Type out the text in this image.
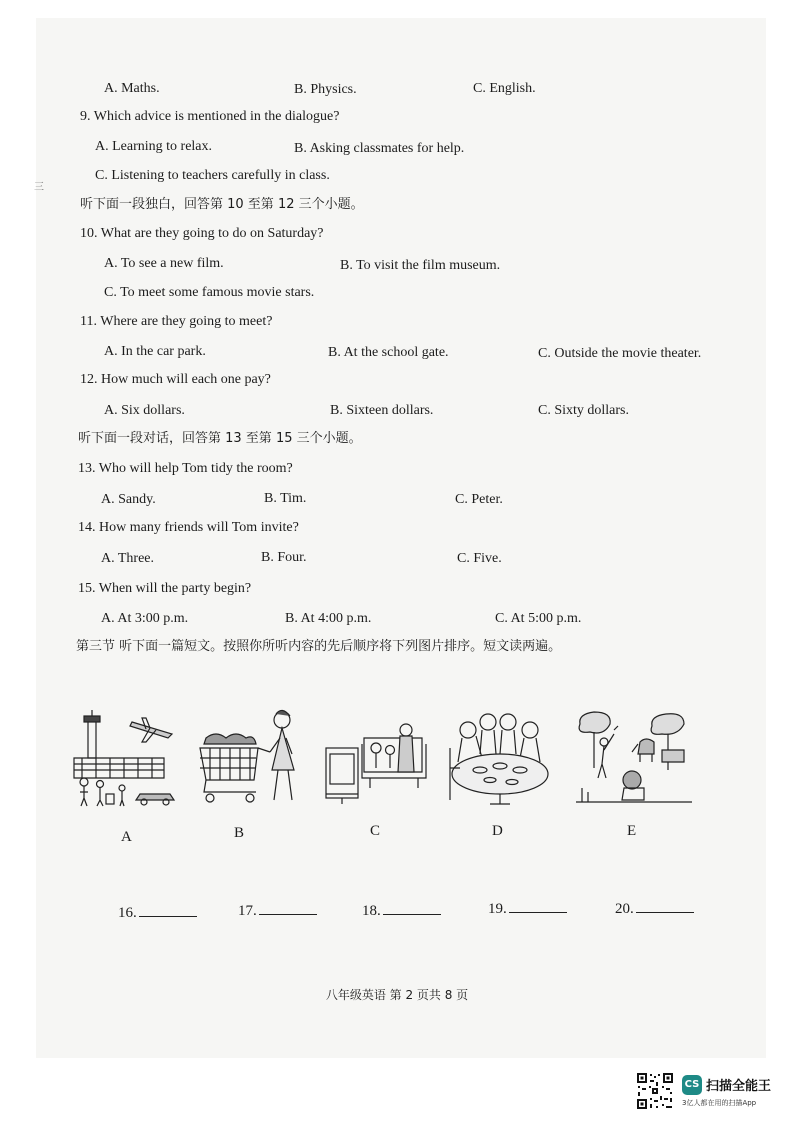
A. Maths.	B. Physics.	C. English.
9. Which advice is mentioned in the dialogue?
A. Learning to relax.	B. Asking classmates for help.
C. Listening to teachers carefully in class.
三
听下面一段独白，回答第 10 至第 12 三个小题。
10. What are they going to do on Saturday?
A. To see a new film.	B. To visit the film museum.
C. To meet some famous movie stars.
11. Where are they going to meet?
A. In the car park.	B. At the school gate.	C. Outside the movie theater.
12. How much will each one pay?
A. Six dollars.	B. Sixteen dollars.	C. Sixty dollars.
听下面一段对话，回答第 13 至第 15 三个小题。
13. Who will help Tom tidy the room?
A. Sandy.	B. Tim.	C. Peter.
14. How many friends will Tom invite?
A. Three.	B. Four.	C. Five.
15. When will the party begin?
A. At 3:00 p.m.	B. At 4:00 p.m.	C. At 5:00 p.m.
第三节 听下面一篇短文。按照你所听内容的先后顺序将下列图片排序。短文读两遍。
A	B	C	D	E
16.	17.	18.	19.	20.
八年级英语 第 2 页共 8 页
CS 扫描全能王
3亿人都在用的扫描App
